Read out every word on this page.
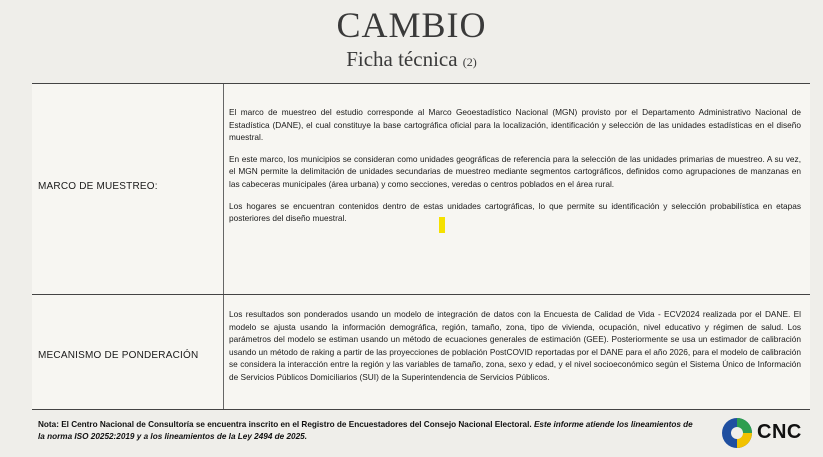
CAMBIO
Ficha técnica (2)
MARCO DE MUESTREO:

El marco de muestreo del estudio corresponde al Marco Geoestadístico Nacional (MGN) provisto por el Departamento Administrativo Nacional de Estadística (DANE), el cual constituye la base cartográfica oficial para la localización, identificación y selección de las unidades estadísticas en el diseño muestral.

En este marco, los municipios se consideran como unidades geográficas de referencia para la selección de las unidades primarias de muestreo. A su vez, el MGN permite la delimitación de unidades secundarias de muestreo mediante segmentos cartográficos, definidos como agrupaciones de manzanas en las cabeceras municipales (área urbana) y como secciones, veredas o centros poblados en el área rural.

Los hogares se encuentran contenidos dentro de estas unidades cartográficas, lo que permite su identificación y selección probabilística en etapas posteriores del diseño muestral.

MECANISMO DE PONDERACIÓN

Los resultados son ponderados usando un modelo de integración de datos con la Encuesta de Calidad de Vida - ECV2024 realizada por el DANE. El modelo se ajusta usando la información demográfica, región, tamaño, zona, tipo de vivienda, ocupación, nivel educativo y régimen de salud. Los parámetros del modelo se estiman usando un método de ecuaciones generales de estimación (GEE). Posteriormente se usa un estimador de calibración usando un método de raking a partir de las proyecciones de población PostCOVID reportadas por el DANE para el año 2026, para el modelo de calibración se considera la interacción entre la región y las variables de tamaño, zona, sexo y edad, y el nivel socioeconómico según el Sistema Único de Información de Servicios Públicos Domiciliarios (SUI) de la Superintendencia de Servicios Públicos.

Nota: El Centro Nacional de Consultoría se encuentra inscrito en el Registro de Encuestadores del Consejo Nacional Electoral. Este informe atiende los lineamientos de la norma ISO 20252:2019 y a los lineamientos de la Ley 2494 de 2025.	CNC
